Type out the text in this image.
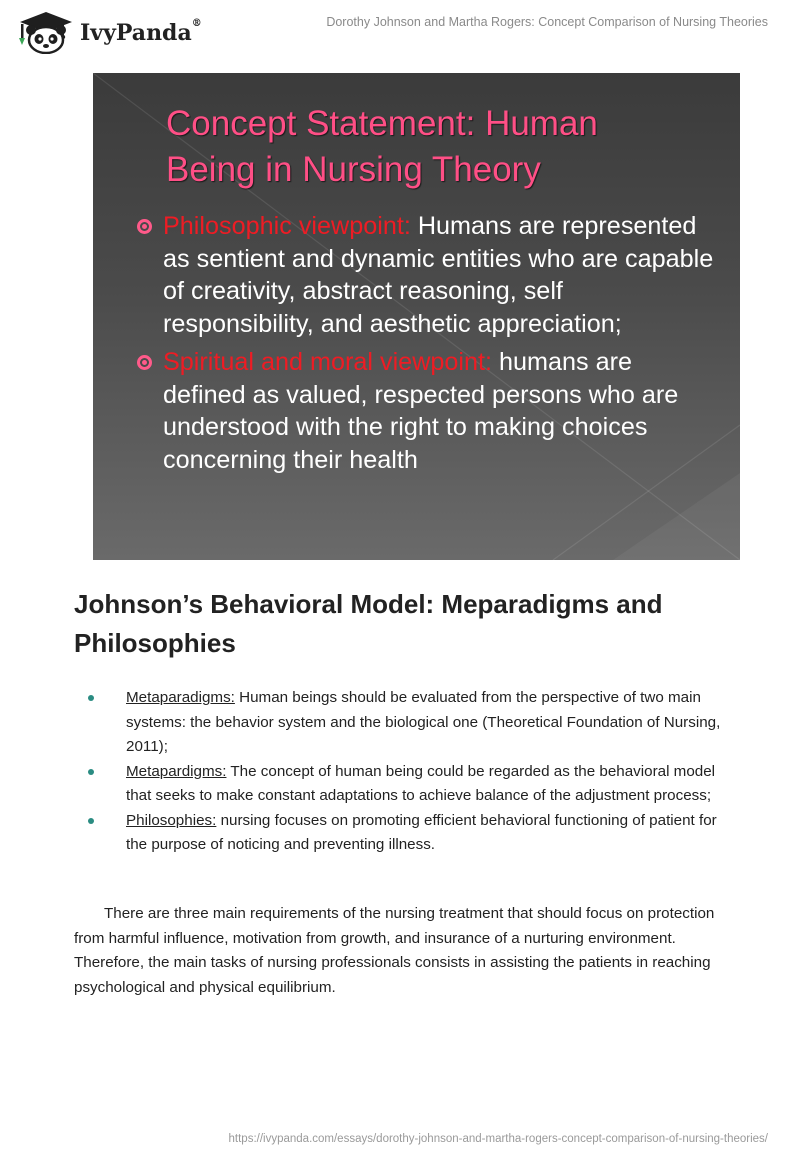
IvyPanda®	Dorothy Johnson and Martha Rogers: Concept Comparison of Nursing Theories
Concept Statement: Human Being in Nursing Theory
Philosophic viewpoint: Humans are represented as sentient and dynamic entities who are capable of creativity, abstract reasoning, self responsibility, and aesthetic appreciation;
Spiritual and moral viewpoint: humans are defined as valued, respected persons who are understood with the right to making choices concerning their health
Johnson’s Behavioral Model: Meparadigms and Philosophies
Metaparadigms: Human beings should be evaluated from the perspective of two main systems: the behavior system and the biological one (Theoretical Foundation of Nursing, 2011);
Metapardigms: The concept of human being could be regarded as the behavioral model that seeks to make constant adaptations to achieve balance of the adjustment process;
Philosophies: nursing focuses on promoting efficient behavioral functioning of patient for the purpose of noticing and preventing illness.

There are three main requirements of the nursing treatment that should focus on protection from harmful influence, motivation from growth, and insurance of a nurturing environment. Therefore, the main tasks of nursing professionals consists in assisting the patients in reaching psychological and physical equilibrium.

https://ivypanda.com/essays/dorothy-johnson-and-martha-rogers-concept-comparison-of-nursing-theories/
